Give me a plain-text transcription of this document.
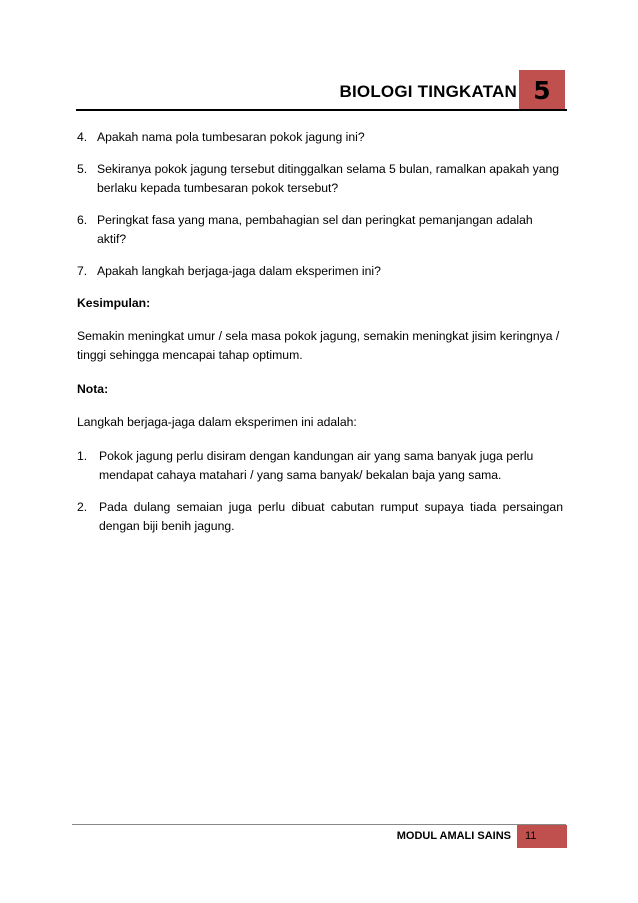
BIOLOGI TINGKATAN 5
4. Apakah nama pola tumbesaran pokok jagung ini?
5. Sekiranya pokok jagung tersebut ditinggalkan selama 5 bulan, ramalkan apakah yang berlaku kepada tumbesaran pokok tersebut?
6. Peringkat fasa yang mana, pembahagian sel dan peringkat pemanjangan adalah aktif?
7. Apakah langkah berjaga-jaga dalam eksperimen ini?
Kesimpulan:
Semakin meningkat umur / sela masa pokok jagung, semakin meningkat jisim keringnya / tinggi sehingga mencapai tahap optimum.
Nota:
Langkah berjaga-jaga dalam eksperimen ini adalah:
1. Pokok jagung perlu disiram dengan kandungan air yang sama banyak juga perlu mendapat cahaya matahari / yang sama banyak/ bekalan baja yang sama.
2. Pada dulang semaian juga perlu dibuat cabutan rumput supaya tiada persaingan dengan biji benih jagung.
MODUL AMALI SAINS	11
